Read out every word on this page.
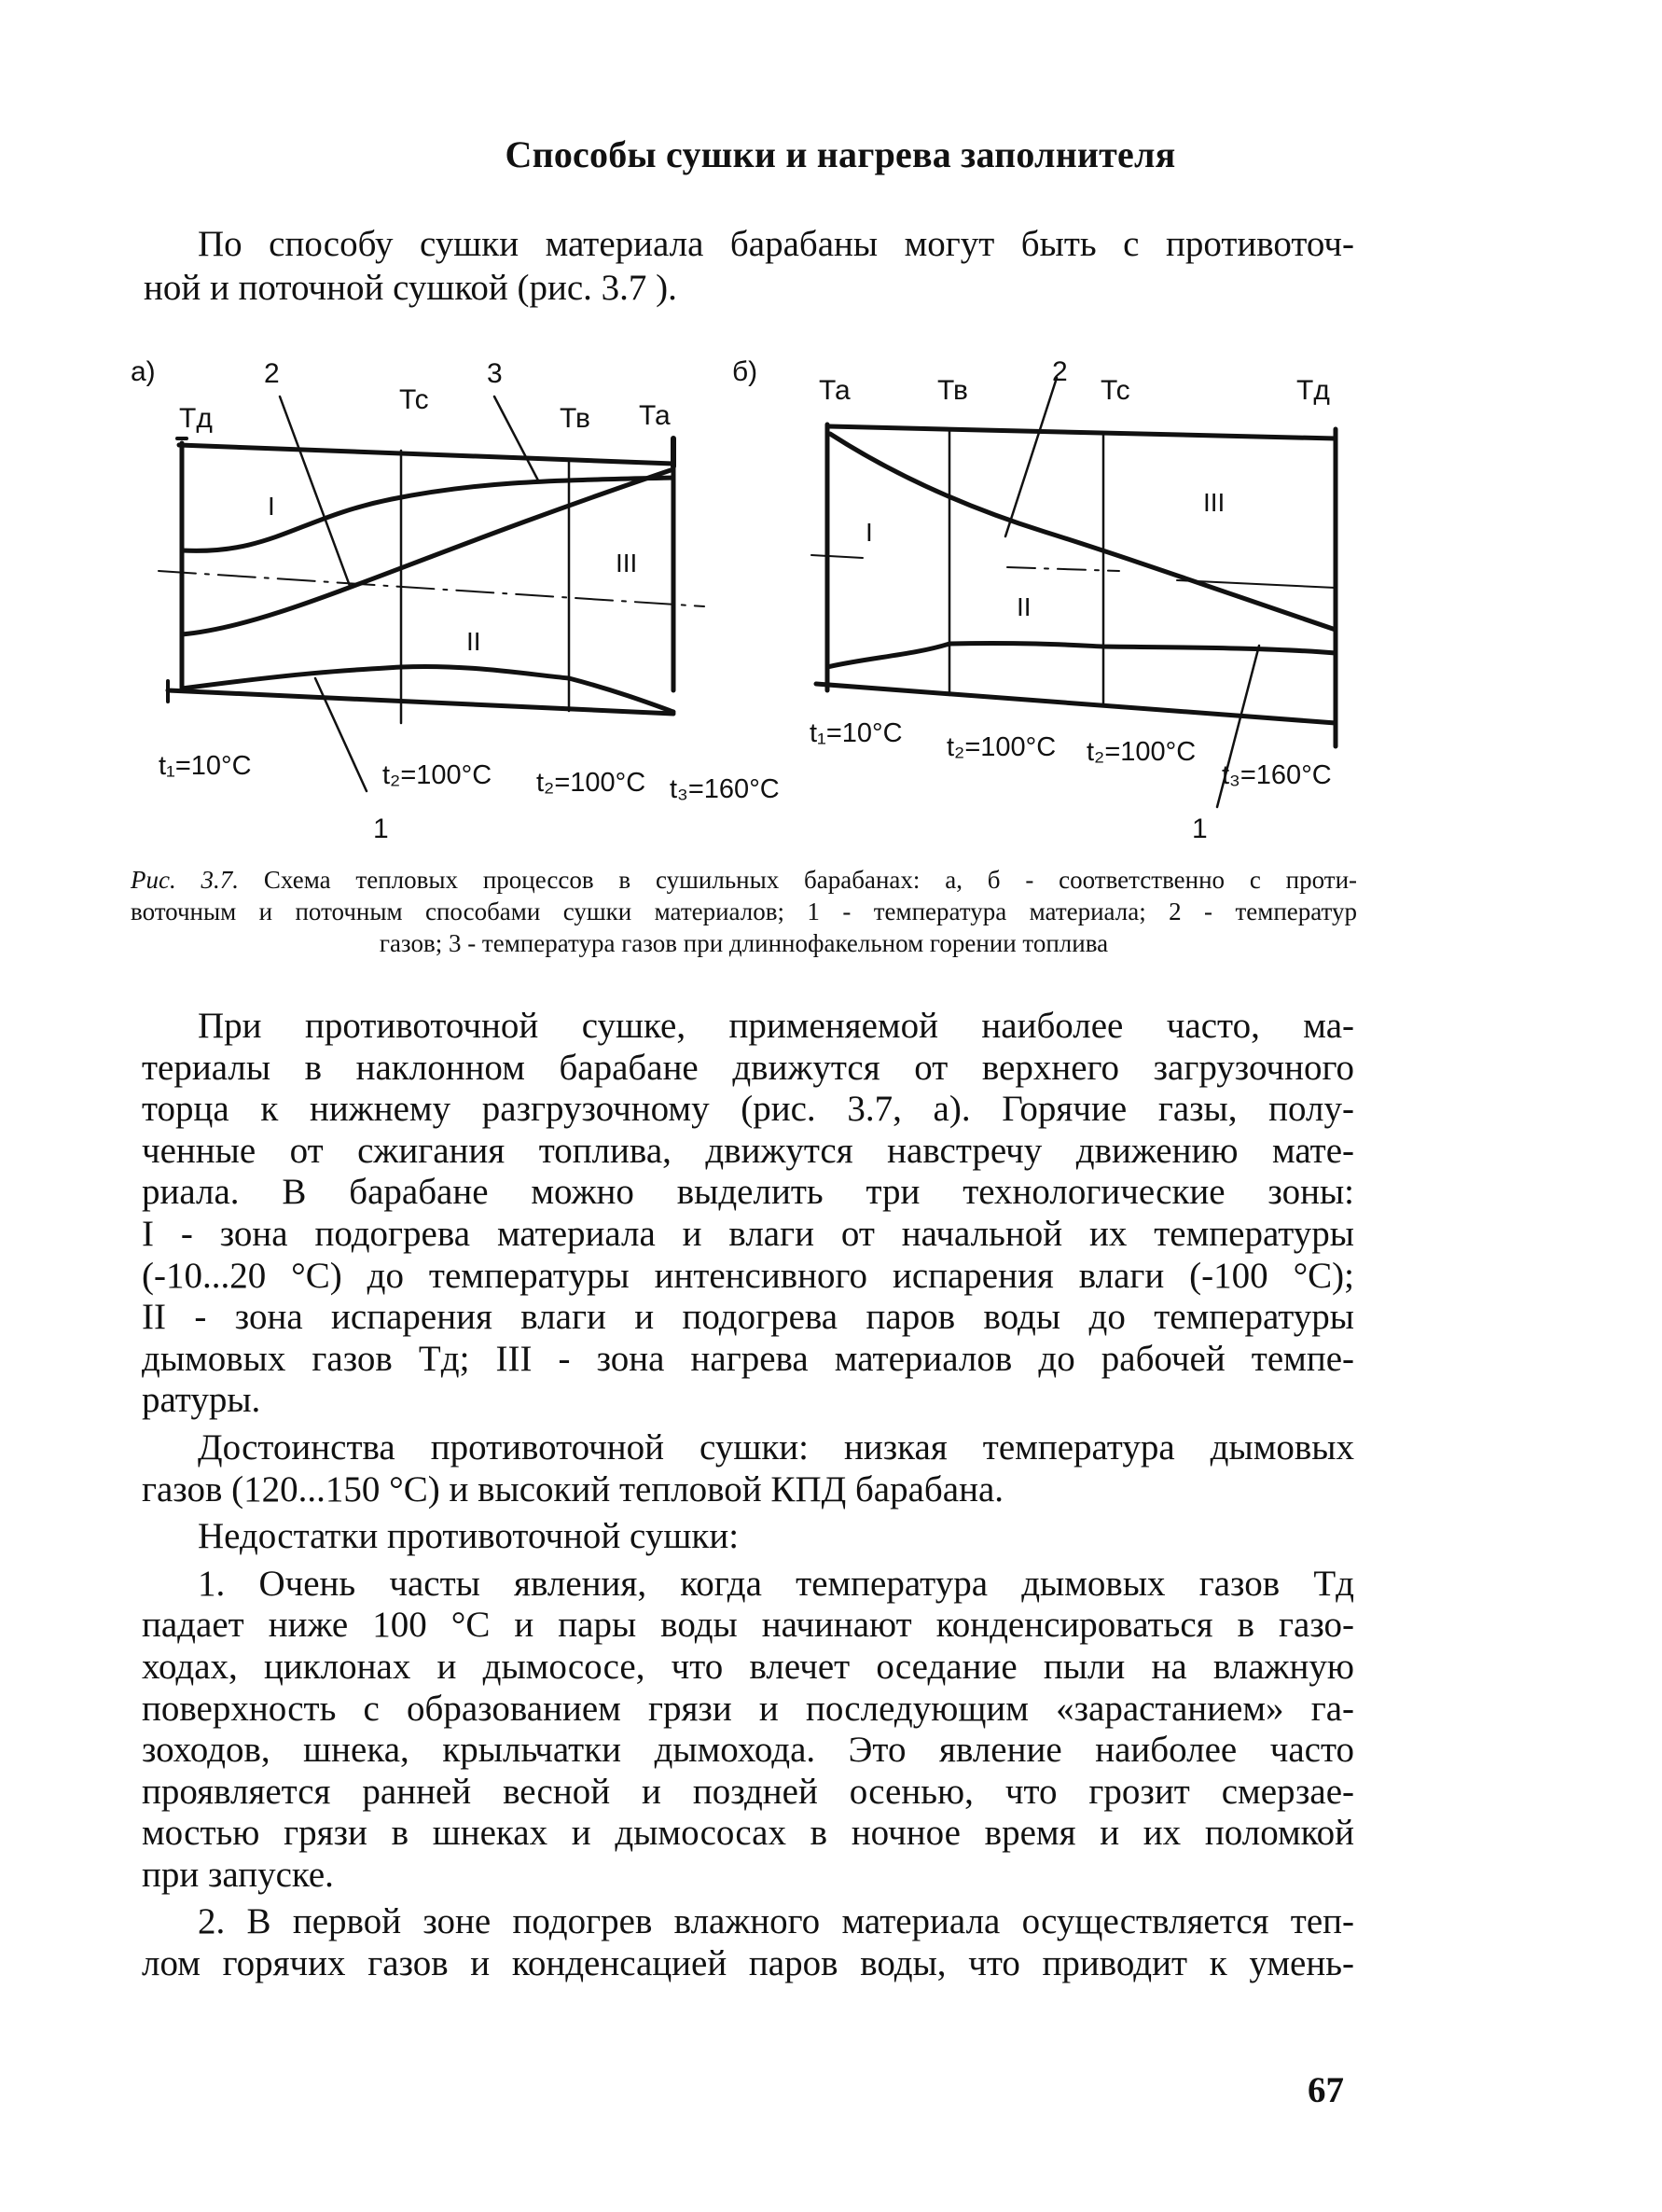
Способы сушки и нагрева заполнителя
По способу сушки материала барабаны могут быть с противоточ-
ной и поточной сушкой (рис. 3.7 ).
а)
Тд
2
Тс
3
Тв Та
I
II
III
t₁=10°C	t₂=100°C t₂=100°C t₃=160°C
1
б)
Та	Тв
2
Тс	Тд
I
II
III
t₁=10°C t₂=100°C t₂=100°C
t₃=160°C
1
Рис. 3.7. Схема тепловых процессов в сушильных барабанах: а, б - соответственно с проти-
воточным и поточным способами сушки материалов; 1 - температура материала; 2 - температур
газов; 3 - температура газов при длиннофакельном горении топлива
При противоточной сушке, применяемой наиболее часто, ма-
териалы в наклонном барабане движутся от верхнего загрузочного
торца к нижнему разгрузочному (рис. 3.7, а). Горячие газы, полу-
ченные от сжигания топлива, движутся навстречу движению мате-
риала. В барабане можно выделить три технологические зоны:
I - зона подогрева материала и влаги от начальной их температуры
(-10...20 °С) до температуры интенсивного испарения влаги (-100 °С);
II - зона испарения влаги и подогрева паров воды до температуры
дымовых газов Тд; III - зона нагрева материалов до рабочей темпе-
ратуры.
Достоинства противоточной сушки: низкая температура дымовых
газов (120...150 °С) и высокий тепловой КПД барабана.
Недостатки противоточной сушки:
1. Очень часты явления, когда температура дымовых газов Тд
падает ниже 100 °С и пары воды начинают конденсироваться в газо-
ходах, циклонах и дымососе, что влечет оседание пыли на влажную
поверхность с образованием грязи и последующим «зарастанием» га-
зоходов, шнека, крыльчатки дымохода. Это явление наиболее часто
проявляется ранней весной и поздней осенью, что грозит смерзае-
мостью грязи в шнеках и дымососах в ночное время и их поломкой
при запуске.
2. В первой зоне подогрев влажного материала осуществляется теп-
лом горячих газов и конденсацией паров воды, что приводит к умень-
67
